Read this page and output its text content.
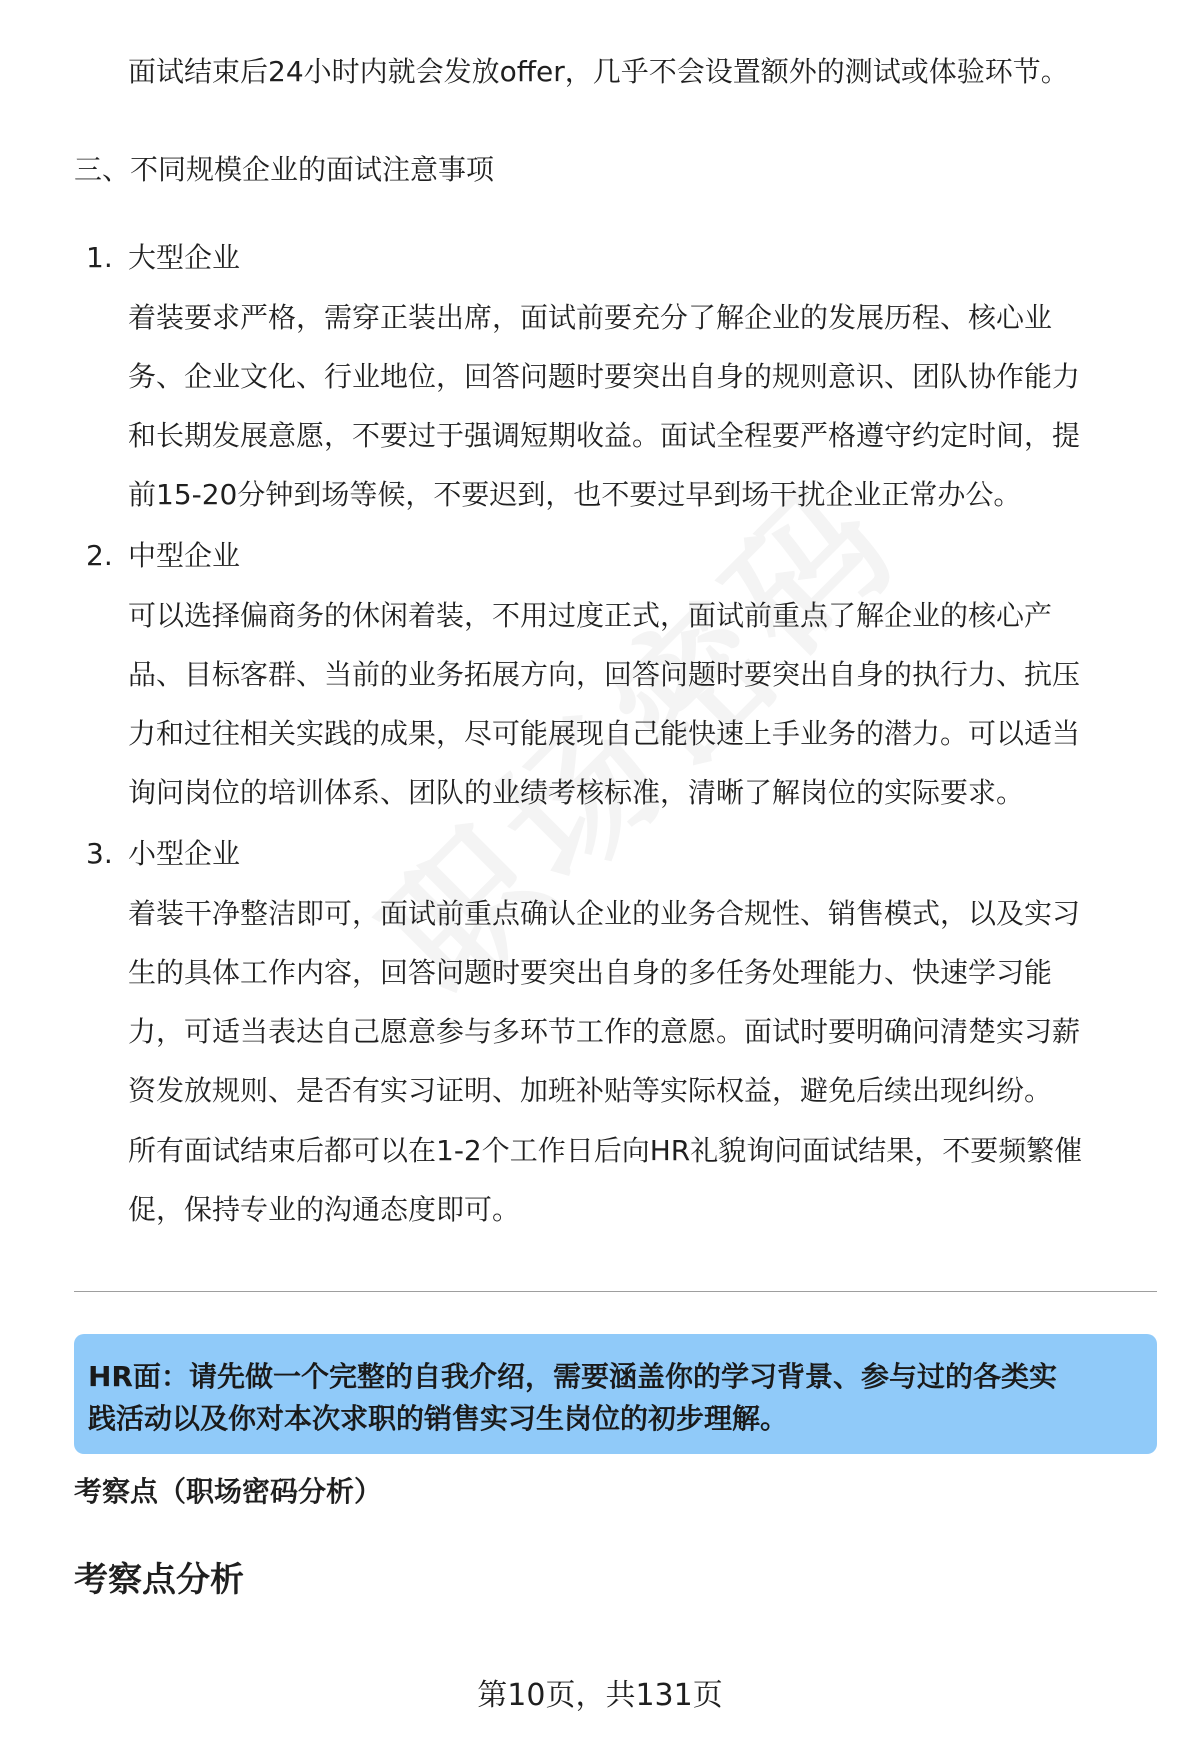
面试结束后24小时内就会发放offer，几乎不会设置额外的测试或体验环节。
三、不同规模企业的面试注意事项
1. 大型企业
着装要求严格，需穿正装出席，面试前要充分了解企业的发展历程、核心业
务、企业文化、行业地位，回答问题时要突出自身的规则意识、团队协作能力
和长期发展意愿，不要过于强调短期收益。面试全程要严格遵守约定时间，提
前15-20分钟到场等候，不要迟到，也不要过早到场干扰企业正常办公。
2. 中型企业
可以选择偏商务的休闲着装，不用过度正式，面试前重点了解企业的核心产
品、目标客群、当前的业务拓展方向，回答问题时要突出自身的执行力、抗压
力和过往相关实践的成果，尽可能展现自己能快速上手业务的潜力。可以适当
询问岗位的培训体系、团队的业绩考核标准，清晰了解岗位的实际要求。
3. 小型企业
着装干净整洁即可，面试前重点确认企业的业务合规性、销售模式，以及实习
生的具体工作内容，回答问题时要突出自身的多任务处理能力、快速学习能
力，可适当表达自己愿意参与多环节工作的意愿。面试时要明确问清楚实习薪
资发放规则、是否有实习证明、加班补贴等实际权益，避免后续出现纠纷。
所有面试结束后都可以在1-2个工作日后向HR礼貌询问面试结果，不要频繁催
促，保持专业的沟通态度即可。
HR面：请先做一个完整的自我介绍，需要涵盖你的学习背景、参与过的各类实
践活动以及你对本次求职的销售实习生岗位的初步理解。
考察点（职场密码分析）
考察点分析
第10页，共131页
